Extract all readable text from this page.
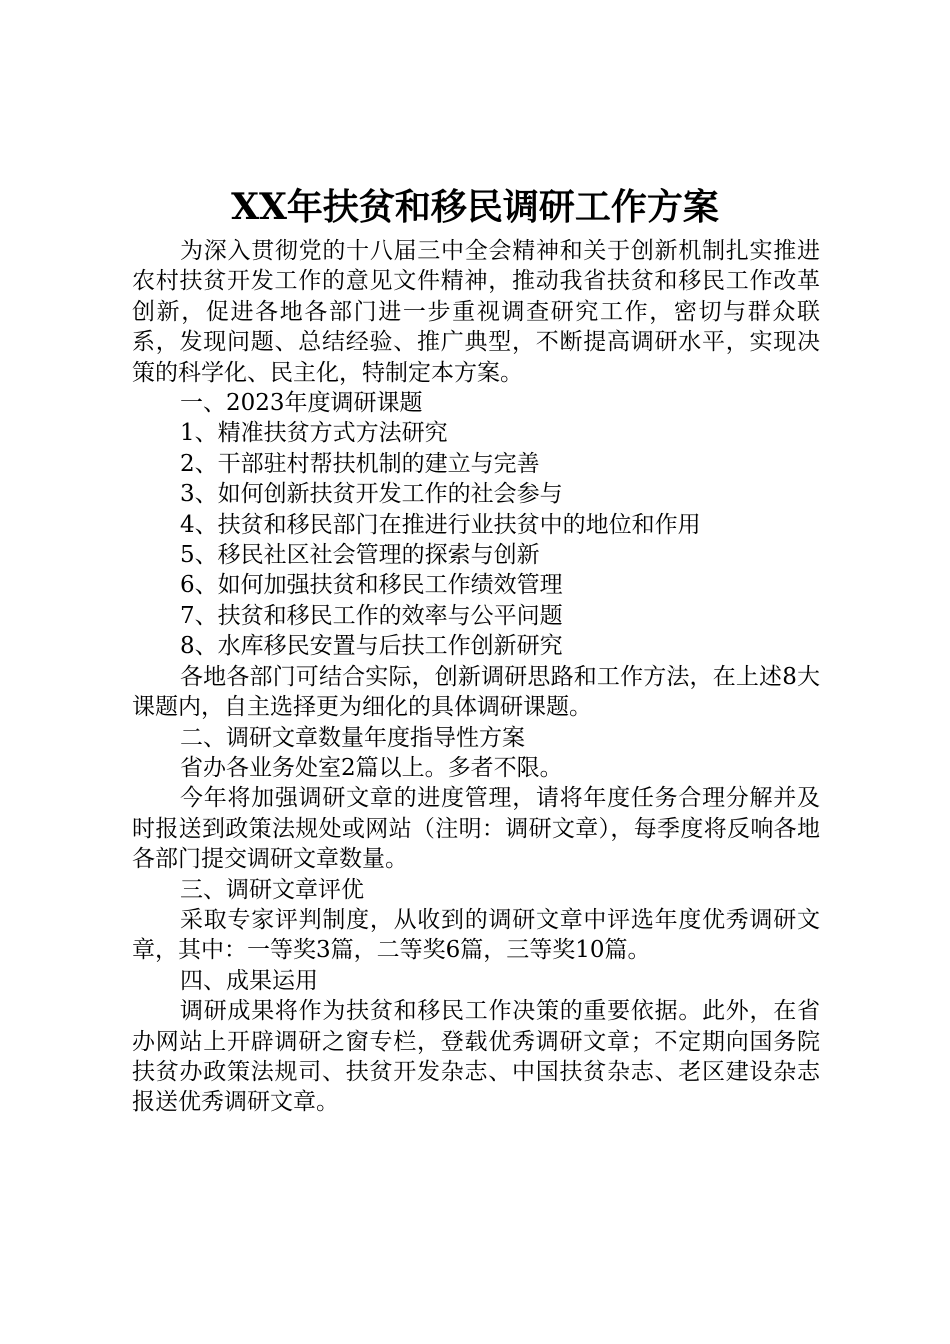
XX年扶贫和移民调研工作方案

为深入贯彻党的十八届三中全会精神和关于创新机制扎实推进农村扶贫开发工作的意见文件精神，推动我省扶贫和移民工作改革创新，促进各地各部门进一步重视调查研究工作，密切与群众联系，发现问题、总结经验、推广典型，不断提高调研水平，实现决策的科学化、民主化，特制定本方案。

一、2023年度调研课题

1、精准扶贫方式方法研究

2、干部驻村帮扶机制的建立与完善

3、如何创新扶贫开发工作的社会参与

4、扶贫和移民部门在推进行业扶贫中的地位和作用

5、移民社区社会管理的探索与创新

6、如何加强扶贫和移民工作绩效管理

7、扶贫和移民工作的效率与公平问题

8、水库移民安置与后扶工作创新研究

各地各部门可结合实际，创新调研思路和工作方法，在上述8大课题内，自主选择更为细化的具体调研课题。

二、调研文章数量年度指导性方案

省办各业务处室2篇以上。多者不限。

今年将加强调研文章的进度管理，请将年度任务合理分解并及时报送到政策法规处或网站（注明：调研文章），每季度将反响各地各部门提交调研文章数量。

三、调研文章评优

采取专家评判制度，从收到的调研文章中评选年度优秀调研文章，其中：一等奖3篇，二等奖6篇，三等奖10篇。

四、成果运用

调研成果将作为扶贫和移民工作决策的重要依据。此外，在省办网站上开辟调研之窗专栏，登载优秀调研文章；不定期向国务院扶贫办政策法规司、扶贫开发杂志、中国扶贫杂志、老区建设杂志报送优秀调研文章。
